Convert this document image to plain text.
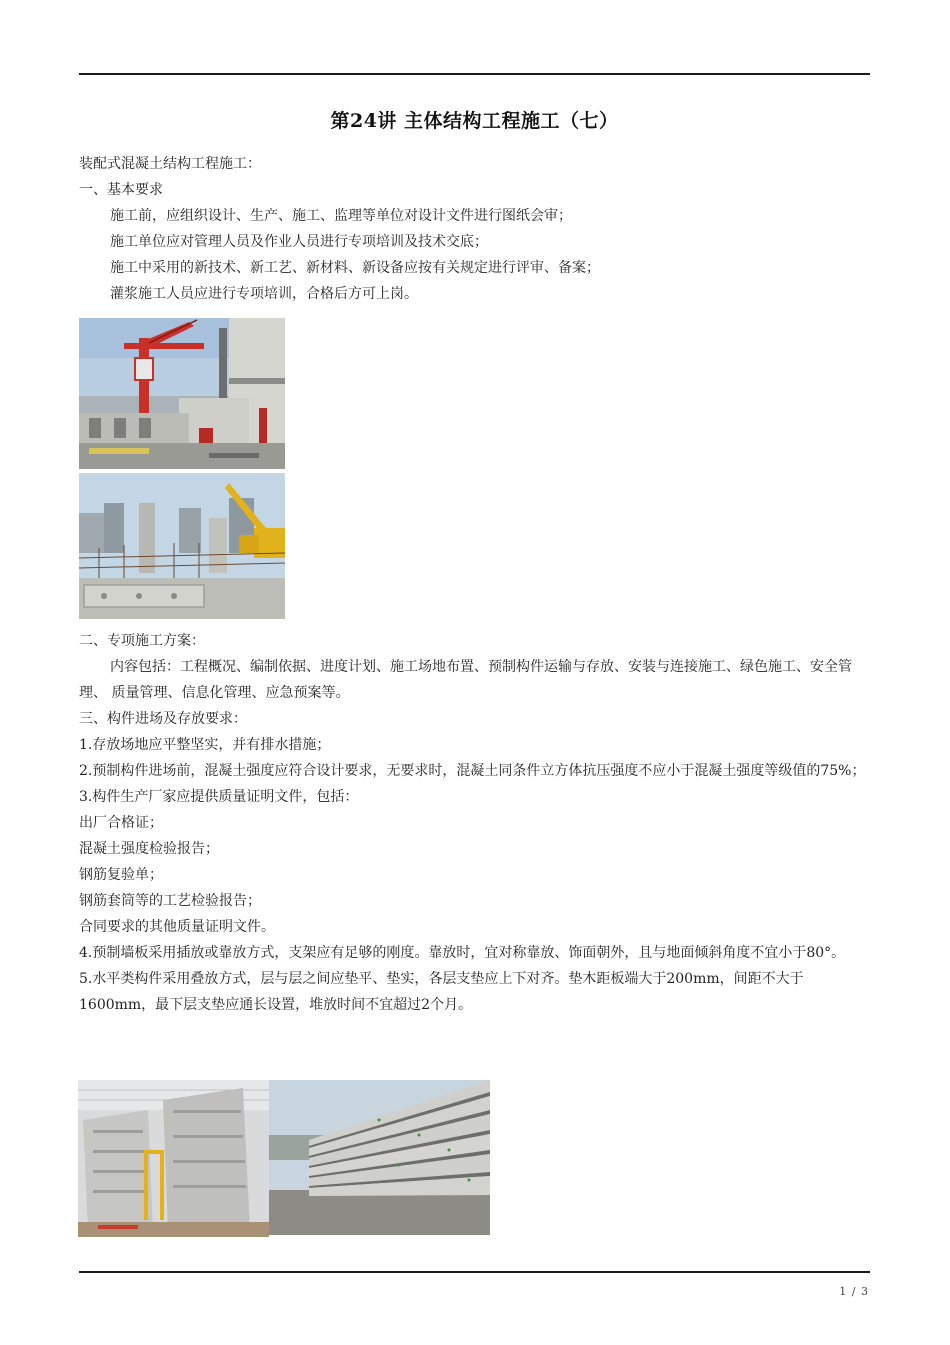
第24讲 主体结构工程施工（七）

装配式混凝土结构工程施工：

一、基本要求

施工前，应组织设计、生产、施工、监理等单位对设计文件进行图纸会审；

施工单位应对管理人员及作业人员进行专项培训及技术交底；

施工中采用的新技术、新工艺、新材料、新设备应按有关规定进行评审、备案；

灌浆施工人员应进行专项培训，合格后方可上岗。

二、专项施工方案：

内容包括：工程概况、编制依据、进度计划、施工场地布置、预制构件运输与存放、安装与连接施工、绿色施工、安全管理、 质量管理、信息化管理、应急预案等。

三、构件进场及存放要求：

1.存放场地应平整坚实，并有排水措施；

2.预制构件进场前，混凝土强度应符合设计要求，无要求时，混凝土同条件立方体抗压强度不应小于混凝土强度等级值的75%；

3.构件生产厂家应提供质量证明文件，包括：

出厂合格证；

混凝土强度检验报告；

钢筋复验单；

钢筋套筒等的工艺检验报告；

合同要求的其他质量证明文件。

4.预制墙板采用插放或靠放方式，支架应有足够的刚度。靠放时，宜对称靠放、饰面朝外，且与地面倾斜角度不宜小于80°。

5.水平类构件采用叠放方式，层与层之间应垫平、垫实，各层支垫应上下对齐。垫木距板端大于200mm，间距不大于1600mm，最下层支垫应通长设置，堆放时间不宜超过2个月。

1 / 3
